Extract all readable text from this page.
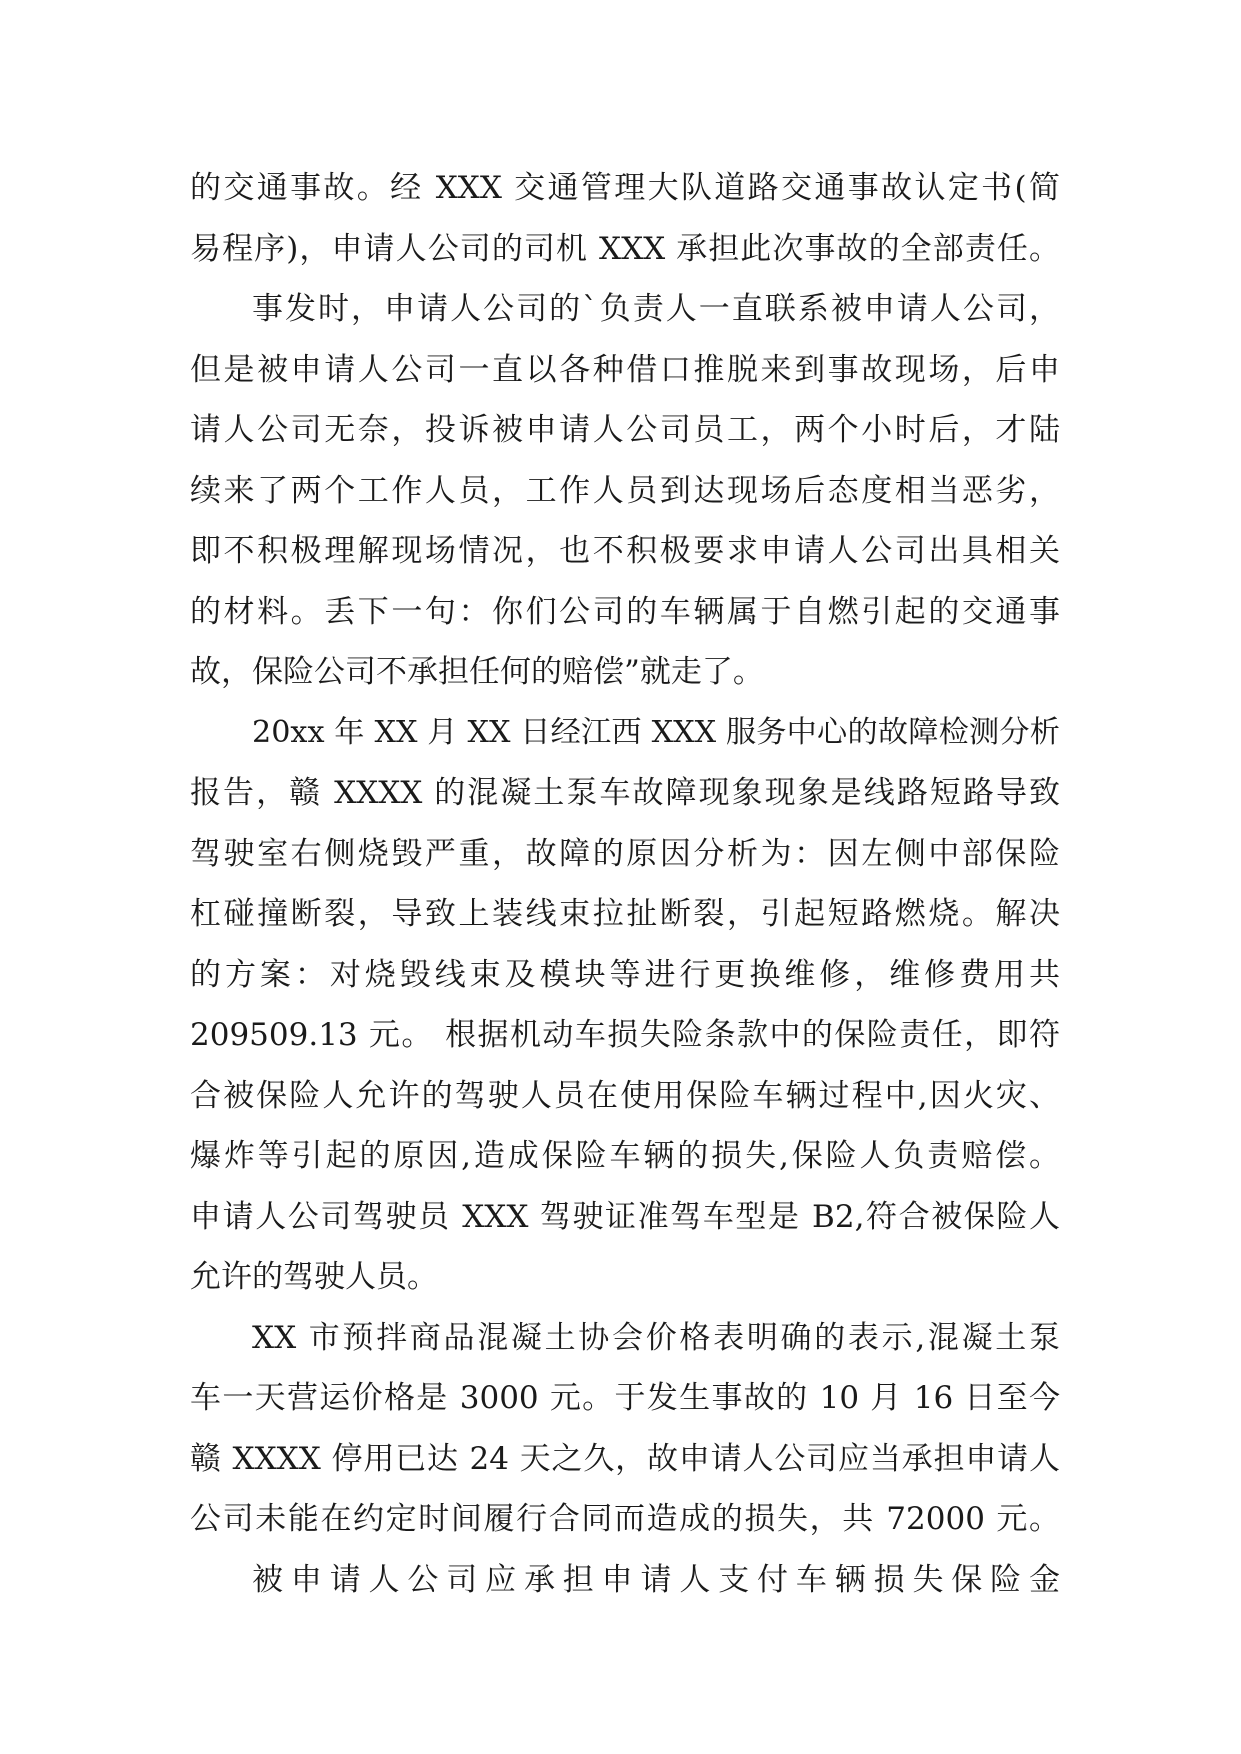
的交通事故。经 XXX 交通管理大队道路交通事故认定书(简
易程序)，申请人公司的司机 XXX 承担此次事故的全部责任。
事发时，申请人公司的`负责人一直联系被申请人公司，
但是被申请人公司一直以各种借口推脱来到事故现场，后申
请人公司无奈，投诉被申请人公司员工，两个小时后，才陆
续来了两个工作人员，工作人员到达现场后态度相当恶劣，
即不积极理解现场情况，也不积极要求申请人公司出具相关
的材料。丢下一句：你们公司的车辆属于自燃引起的交通事
故，保险公司不承担任何的赔偿”就走了。
20xx 年 XX 月 XX 日经江西 XXX 服务中心的故障检测分析
报告，赣 XXXX 的混凝土泵车故障现象现象是线路短路导致
驾驶室右侧烧毁严重，故障的原因分析为：因左侧中部保险
杠碰撞断裂，导致上装线束拉扯断裂，引起短路燃烧。解决
的方案：对烧毁线束及模块等进行更换维修，维修费用共
209509.13 元。 根据机动车损失险条款中的保险责任，即符
合被保险人允许的驾驶人员在使用保险车辆过程中,因火灾、
爆炸等引起的原因,造成保险车辆的损失,保险人负责赔偿。
申请人公司驾驶员 XXX 驾驶证准驾车型是 B2,符合被保险人
允许的驾驶人员。
XX 市预拌商品混凝土协会价格表明确的表示,混凝土泵
车一天营运价格是 3000 元。于发生事故的 10 月 16 日至今
赣 XXXX 停用已达 24 天之久，故申请人公司应当承担申请人
公司未能在约定时间履行合同而造成的损失，共 72000 元。
被申请人公司应承担申请人支付车辆损失保险金
